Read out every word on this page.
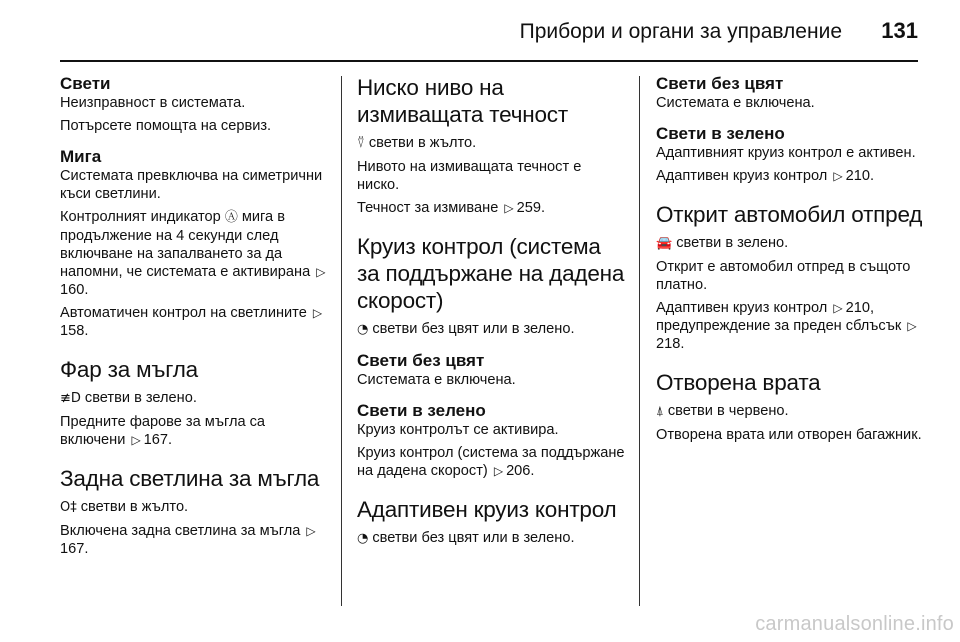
Прибори и органи за управление 131
Свети

Неизправност в системата.

Потърсете помощта на сервиз.

Мига

Системата превключва на симетрични къси светлини.

Контролният индикатор Ⓐ мига в продължение на 4 секунди след включване на запалването за да напомни, че системата е активирана ▷160.

Автоматичен контрол на светлините ▷158.

Фар за мъгла

≢D светви в зелено.

Предните фарове за мъгла са включени ▷ 167.

Задна светлина за мъгла

O‡ светви в жълто.

Включена задна светлина за мъгла ▷167.

Ниско ниво на измиващата течност

⍢ светви в жълто.

Нивото на измиващата течност е ниско.

Течност за измиване ▷ 259.

Круиз контрол (система за поддържане на дадена скорост)

◔ светви без цвят или в зелено.

Свети без цвят

Системата е включена.

Свети в зелено

Круиз контролът се активира.

Круиз контрол (система за поддържане на дадена скорост) ▷ 206.

Адаптивен круиз контрол

◔ светви без цвят или в зелено.

Свети без цвят

Системата е включена.

Свети в зелено

Адаптивният круиз контрол е активен.

Адаптивен круиз контрол ▷ 210.

Открит автомобил отпред

🚘 светви в зелено.

Открит е автомобил отпред в същото платно.

Адаптивен круиз контрол ▷ 210, предупреждение за преден сблъсък ▷218.

Отворена врата

⍋ светви в червено.

Отворена врата или отворен багажник.

carmanualsonline.info
